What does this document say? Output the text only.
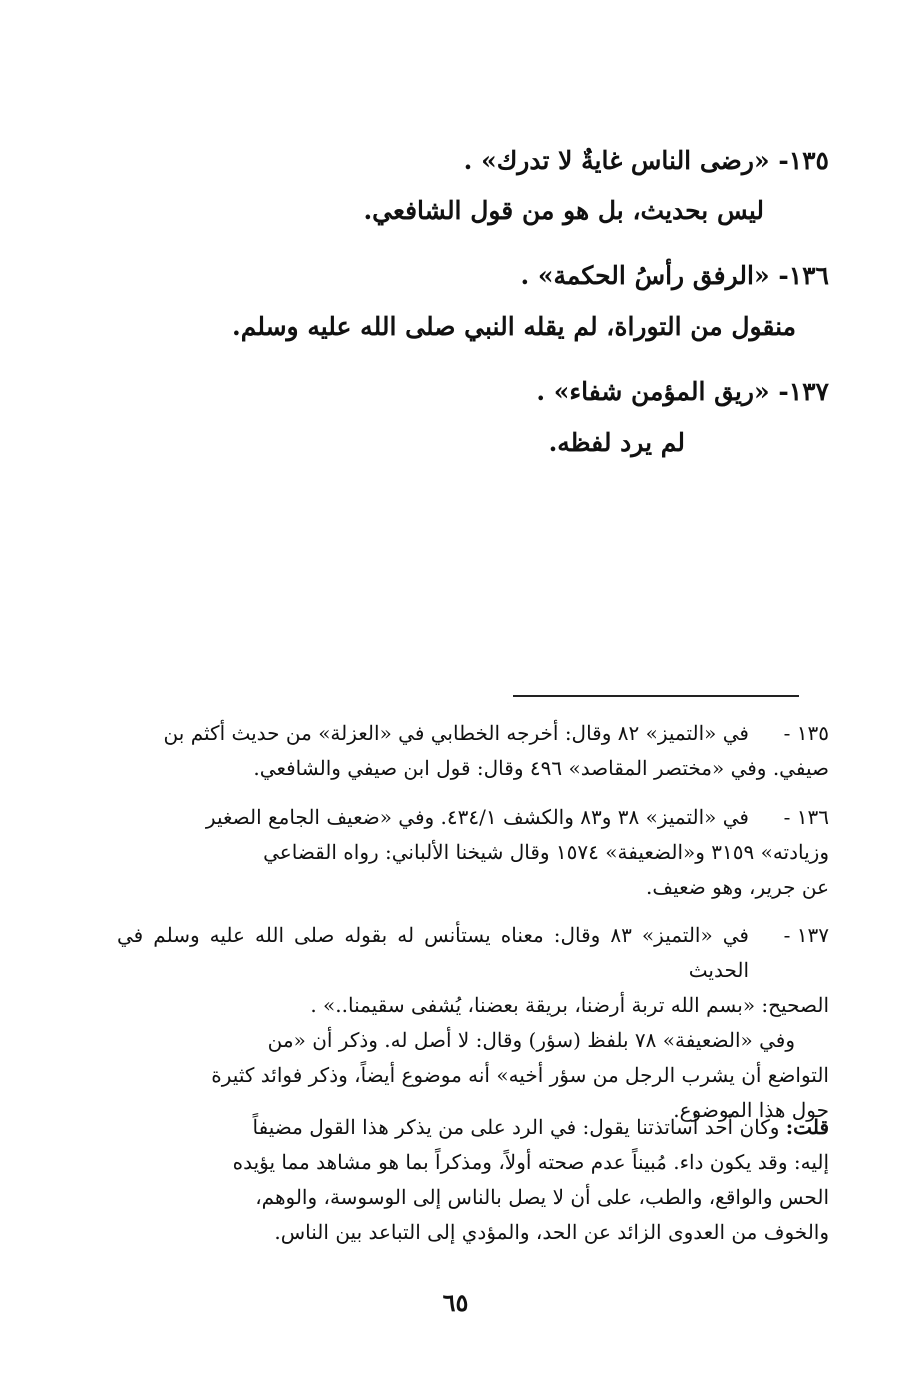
١٣٥- «رضى الناس غايةٌ لا تدرك» .
ليس بحديث، بل هو من قول الشافعي.
١٣٦- «الرفق رأسُ الحكمة» .
منقول من التوراة، لم يقله النبي صلى الله عليه وسلم.
١٣٧- «ريق المؤمن شفاء» .
لم يرد لفظه.
١٣٥ -
في «التميز» ٨٢ وقال: أخرجه الخطابي في «العزلة» من حديث أكثم بن
صيفي. وفي «مختصر المقاصد» ٤٩٦ وقال: قول ابن صيفي والشافعي.
١٣٦ -
في «التميز» ٣٨ و٨٣ والكشف ٤٣٤/١. وفي «ضعيف الجامع الصغير
وزيادته» ٣١٥٩ و«الضعيفة» ١٥٧٤ وقال شيخنا الألباني: رواه القضاعي
عن جرير، وهو ضعيف.
١٣٧ -
في «التميز» ٨٣ وقال: معناه يستأنس له بقوله صلى الله عليه وسلم في الحديث
الصحيح: «بسم الله تربة أرضنا، بريقة بعضنا، يُشفى سقيمنا..» .
وفي «الضعيفة» ٧٨ بلفظ (سؤر) وقال: لا أصل له. وذكر أن «من
التواضع أن يشرب الرجل من سؤر أخيه» أنه موضوع أيضاً، وذكر فوائد كثيرة
حول هذا الموضوع.
قلت: وكان أحد أساتذتنا يقول: في الرد على من يذكر هذا القول مضيفاً
إليه: وقد يكون داء. مُبيناً عدم صحته أولاً، ومذكراً بما هو مشاهد مما يؤيده
الحس والواقع، والطب، على أن لا يصل بالناس إلى الوسوسة، والوهم،
والخوف من العدوى الزائد عن الحد، والمؤدي إلى التباعد بين الناس.
٦٥
